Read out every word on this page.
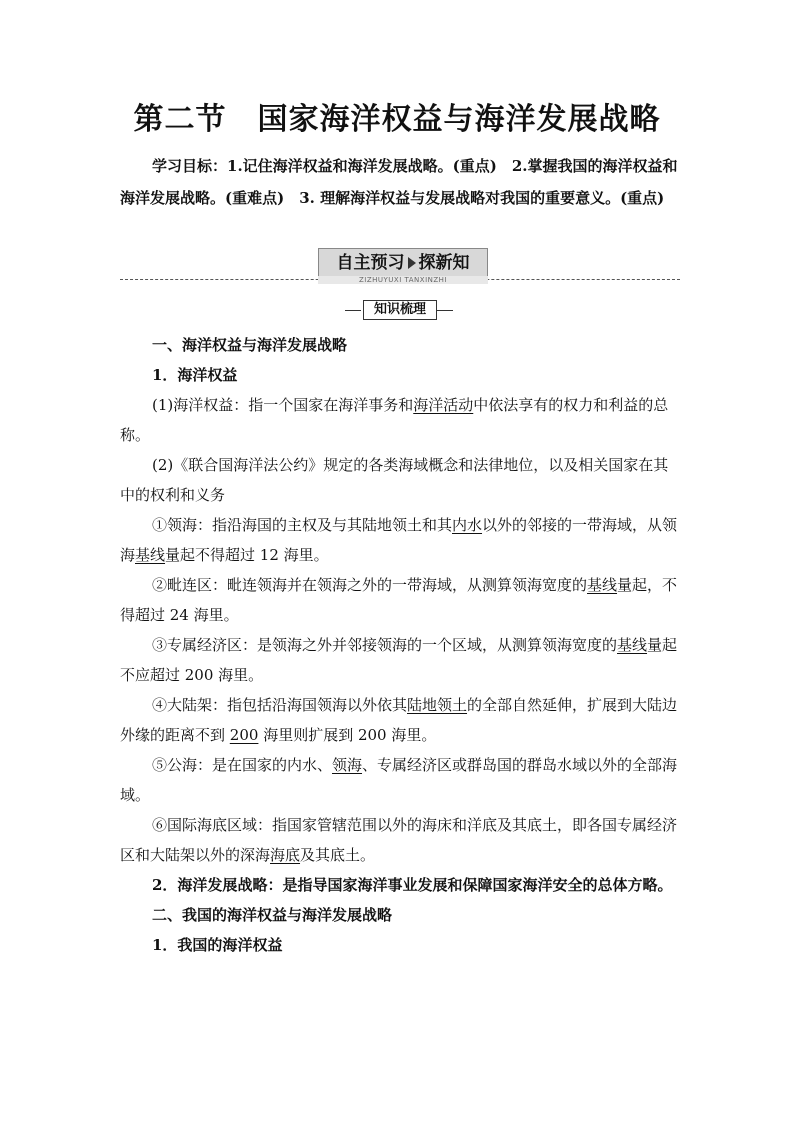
第二节　国家海洋权益与海洋发展战略
学习目标：1.记住海洋权益和海洋发展战略。(重点)　2.掌握我国的海洋权益和海洋发展战略。(重难点)　3. 理解海洋权益与发展战略对我国的重要意义。(重点)
自主预习 探新知
ZIZHUYUXI TANXINZHI
知识梳理

一、海洋权益与海洋发展战略

1．海洋权益

(1)海洋权益：指一个国家在海洋事务和海洋活动中依法享有的权力和利益的总称。

(2)《联合国海洋法公约》规定的各类海域概念和法律地位，以及相关国家在其中的权利和义务

①领海：指沿海国的主权及与其陆地领土和其内水以外的邻接的一带海域，从领海基线量起不得超过 12 海里。

②毗连区：毗连领海并在领海之外的一带海域，从测算领海宽度的基线量起，不得超过 24 海里。

③专属经济区：是领海之外并邻接领海的一个区域，从测算领海宽度的基线量起不应超过 200 海里。

④大陆架：指包括沿海国领海以外依其陆地领土的全部自然延伸，扩展到大陆边外缘的距离不到 200 海里则扩展到 200 海里。

⑤公海：是在国家的内水、领海、专属经济区或群岛国的群岛水域以外的全部海域。

⑥国际海底区域：指国家管辖范围以外的海床和洋底及其底土，即各国专属经济区和大陆架以外的深海海底及其底土。

2．海洋发展战略：是指导国家海洋事业发展和保障国家海洋安全的总体方略。

二、我国的海洋权益与海洋发展战略

1．我国的海洋权益
